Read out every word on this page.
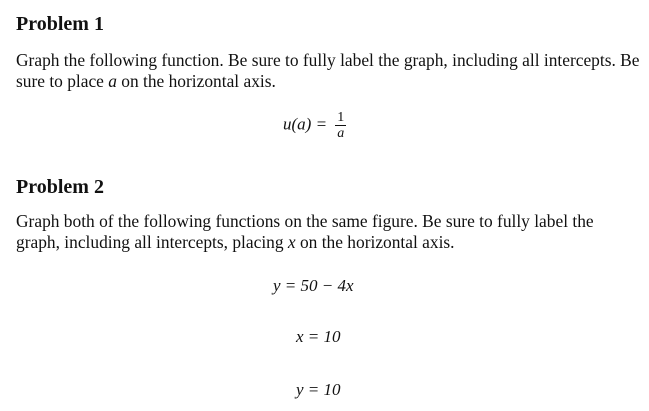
Problem 1

Graph the following function. Be sure to fully label the graph, including all intercepts. Be sure to place a on the horizontal axis.

$u(a) = \frac{1}{a}$
Problem 2

Graph both of the following functions on the same figure. Be sure to fully label the graph, including all intercepts, placing x on the horizontal axis.

y = 50 − 4x
x = 10
y = 10
